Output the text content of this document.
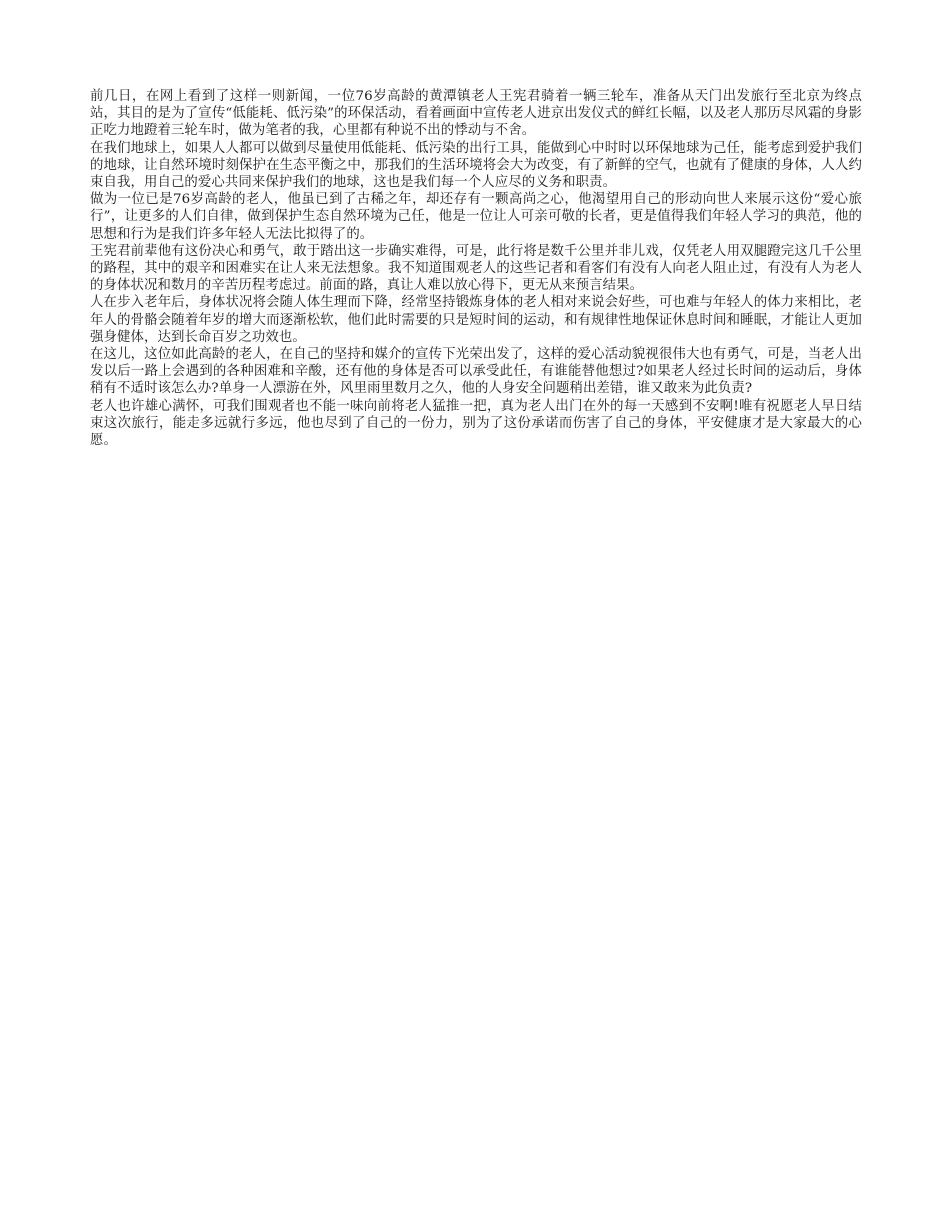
前几日，在网上看到了这样一则新闻，一位76岁高龄的黄潭镇老人王宪君骑着一辆三轮车，准备从天门出发旅行至北京为终点站，其目的是为了宣传“低能耗、低污染”的环保活动，看着画面中宣传老人进京出发仪式的鲜红长幅，以及老人那历尽风霜的身影正吃力地蹬着三轮车时，做为笔者的我，心里都有种说不出的悸动与不舍。

在我们地球上，如果人人都可以做到尽量使用低能耗、低污染的出行工具，能做到心中时时以环保地球为己任，能考虑到爱护我们的地球，让自然环境时刻保护在生态平衡之中，那我们的生活环境将会大为改变，有了新鲜的空气，也就有了健康的身体，人人约束自我，用自己的爱心共同来保护我们的地球，这也是我们每一个人应尽的义务和职责。

做为一位已是76岁高龄的老人，他虽已到了古稀之年，却还存有一颗高尚之心，他渴望用自己的形动向世人来展示这份“爱心旅行”，让更多的人们自律，做到保护生态自然环境为己任，他是一位让人可亲可敬的长者，更是值得我们年轻人学习的典范，他的思想和行为是我们许多年轻人无法比拟得了的。

王宪君前辈他有这份决心和勇气，敢于踏出这一步确实难得，可是，此行将是数千公里并非儿戏，仅凭老人用双腿蹬完这几千公里的路程，其中的艰辛和困难实在让人来无法想象。我不知道围观老人的这些记者和看客们有没有人向老人阻止过，有没有人为老人的身体状况和数月的辛苦历程考虑过。前面的路，真让人难以放心得下，更无从来预言结果。

人在步入老年后，身体状况将会随人体生理而下降，经常坚持锻炼身体的老人相对来说会好些，可也难与年轻人的体力来相比，老年人的骨骼会随着年岁的增大而逐渐松软，他们此时需要的只是短时间的运动，和有规律性地保证休息时间和睡眠，才能让人更加强身健体，达到长命百岁之功效也。

在这儿，这位如此高龄的老人，在自己的坚持和媒介的宣传下光荣出发了，这样的爱心活动貌视很伟大也有勇气，可是，当老人出发以后一路上会遇到的各种困难和辛酸，还有他的身体是否可以承受此任，有谁能替他想过?如果老人经过长时间的运动后，身体稍有不适时该怎么办?单身一人漂游在外，风里雨里数月之久，他的人身安全问题稍出差错，谁又敢来为此负责?

老人也许雄心满怀，可我们围观者也不能一味向前将老人猛推一把，真为老人出门在外的每一天感到不安啊!唯有祝愿老人早日结束这次旅行，能走多远就行多远，他也尽到了自己的一份力，别为了这份承诺而伤害了自己的身体，平安健康才是大家最大的心愿。
